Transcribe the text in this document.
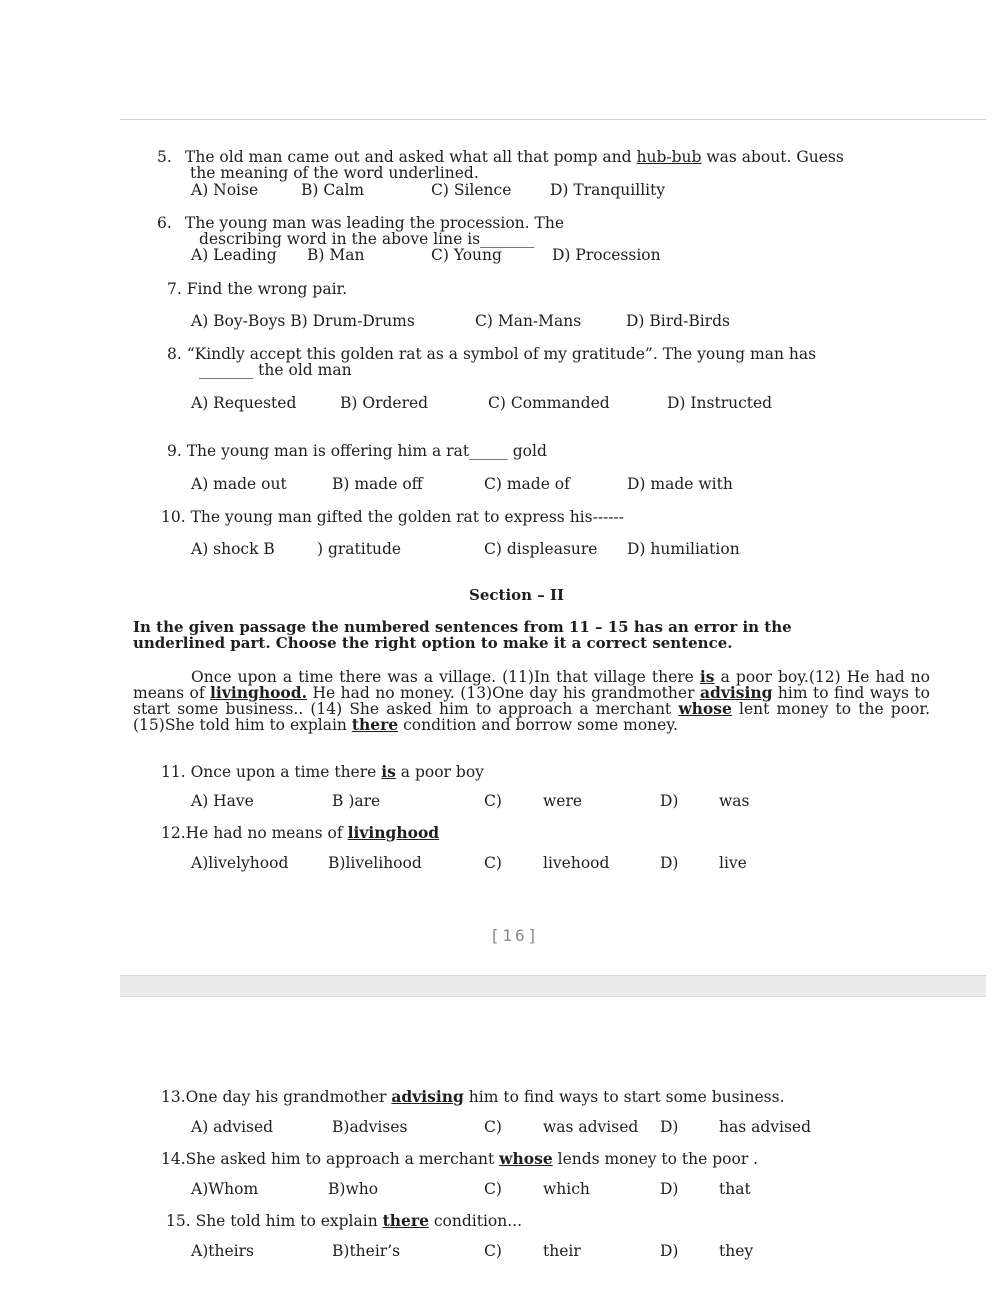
5. The old man came out and asked what all that pomp and hub-bub was about. Guess
the meaning of the word underlined.
A) Noise	B) Calm	C) Silence D) Tranquillity
6. The young man was leading the procession. The
describing word in the above line is_______
A) Leading B) Man	C) Young	D) Procession
7. Find the wrong pair.
A) Boy-Boys B) Drum-Drums	C) Man-Mans	D) Bird-Birds
8. “Kindly accept this golden rat as a symbol of my gratitude”. The young man has
_______ the old man
A) Requested	B) Ordered	C) Commanded	D) Instructed
9. The young man is offering him a rat_____ gold
A) made out	B) made off	C) made of	D) made with
10. The young man gifted the golden rat to express his------
A) shock B	) gratitude	C) displeasure D) humiliation
Section – II
In the given passage the numbered sentences from 11 – 15 has an error in the underlined part. Choose the right option to make it a correct sentence.
Once upon a time there was a village. (11)In that village there is a poor boy.(12) He had no means of livinghood. He had no money. (13)One day his grandmother advising him to find ways to start some business.. (14) She asked him to approach a merchant whose lent money to the poor.(15)She told him to explain there condition and borrow some money.
11. Once upon a time there is a poor boy
A) Have	B )are	C)	were	D)	was
12.He had no means of livinghood
A)livelyhood	B)livelihood	C)	livehood	D)	live
[16]
13.One day his grandmother advising him to find ways to start some business.
A) advised	B)advises	C)	was advised D)	has advised
14.She asked him to approach a merchant whose lends money to the poor .
A)Whom	B)who	C)	which	D)	that
15. She told him to explain there condition...
A)theirs	B)their’s	C)	their	D)	they
